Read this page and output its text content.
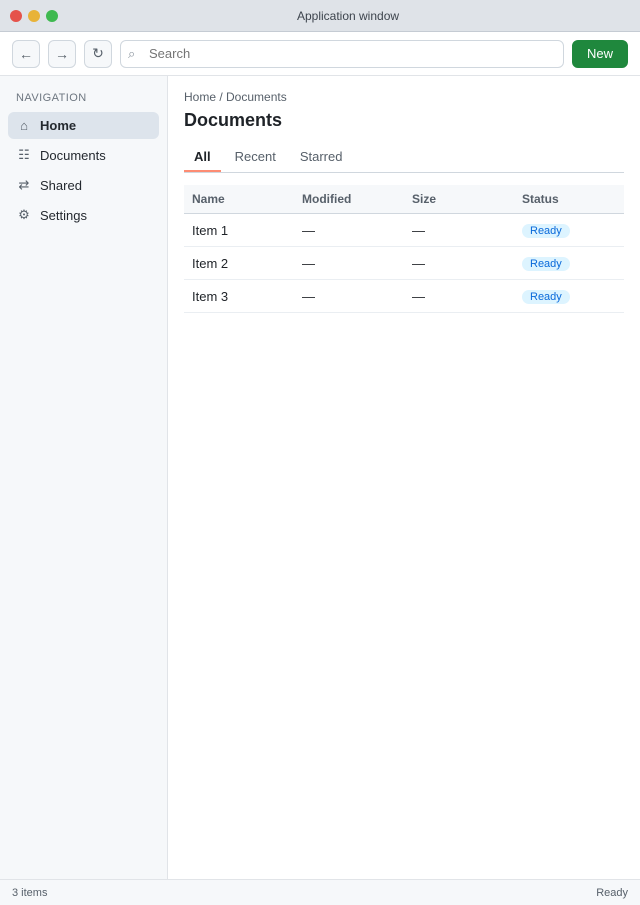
Application window
← → ↻ ⌕
Search	New
NAVIGATION
⌂ Home
☷ Documents
⇄ Shared
⚙ Settings
Home / Documents
Documents
All	Recent	Starred
Name	Modified	Size	Status
Item 1	—	—	Ready
Item 2	—	—	Ready
Item 3	—	—	Ready
3 items	Ready
